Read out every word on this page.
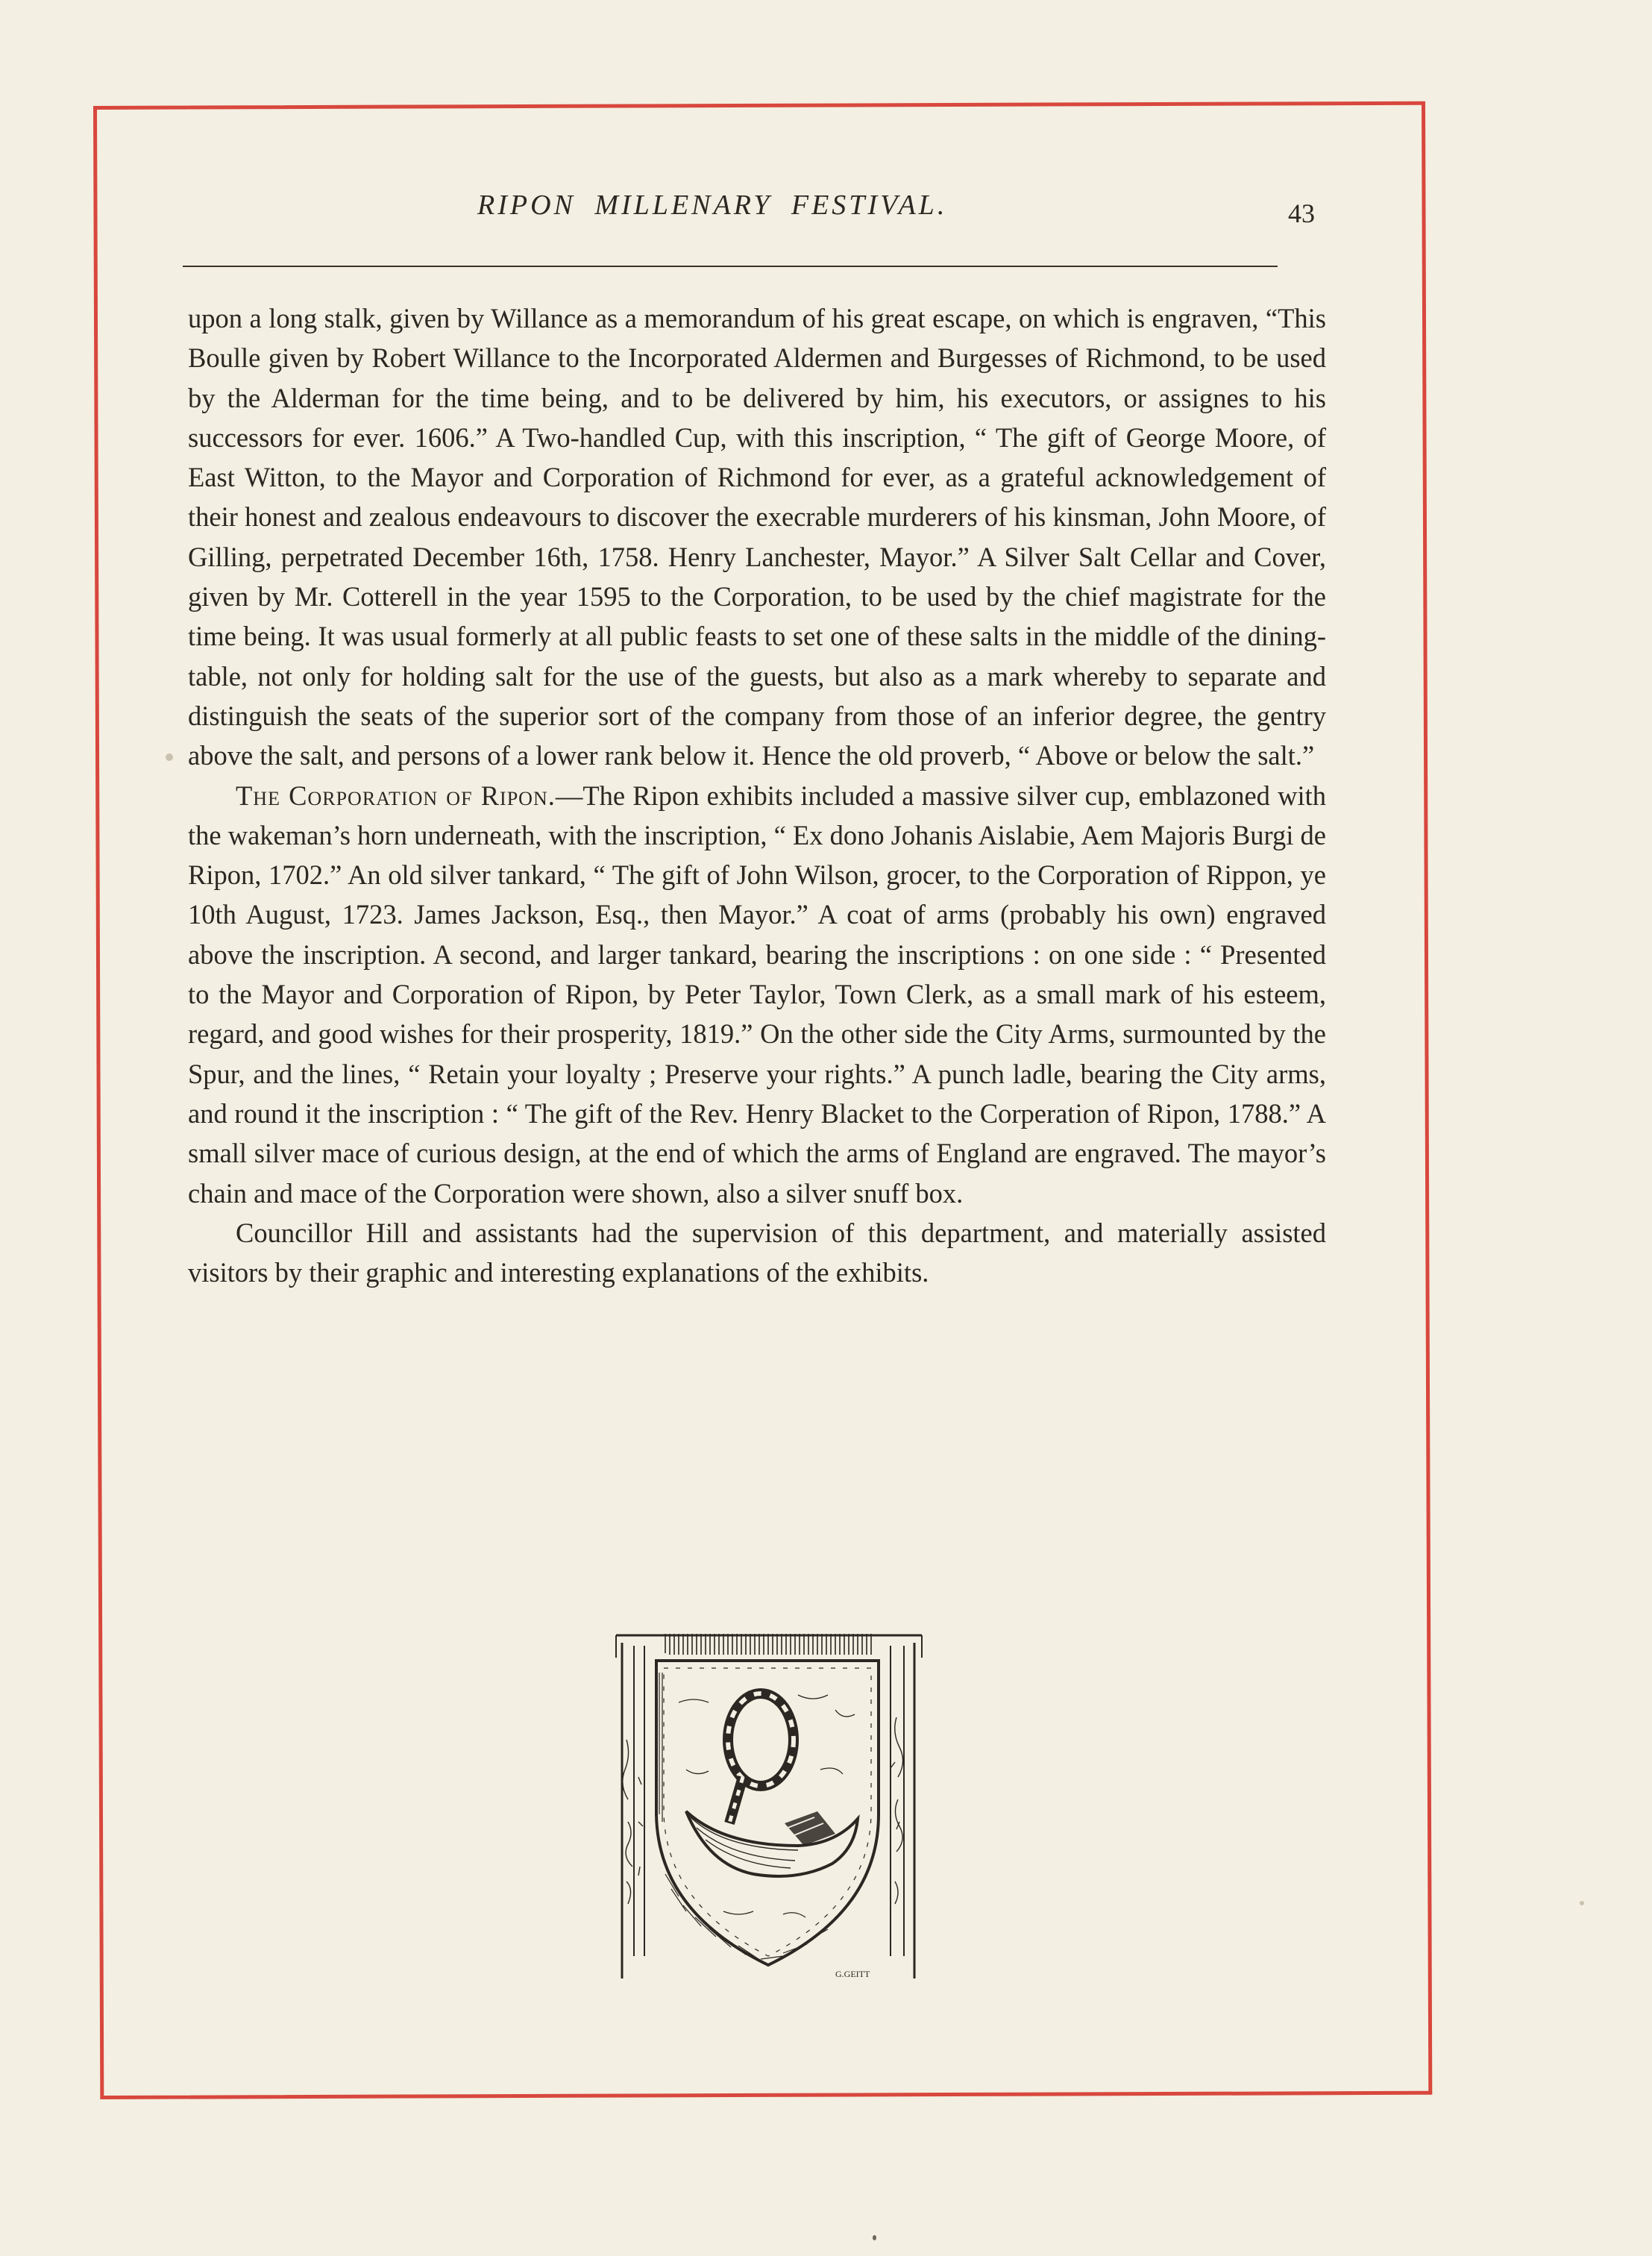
RIPON MILLENARY FESTIVAL.	43

upon a long stalk, given by Willance as a memorandum of his great escape, on which is engraven, “This Boulle given by Robert Willance to the Incorporated Aldermen and Burgesses of Richmond, to be used by the Alderman for the time being, and to be delivered by him, his executors, or assignes to his successors for ever. 1606.” A Two-handled Cup, with this inscription, “ The gift of George Moore, of East Witton, to the Mayor and Corporation of Richmond for ever, as a grateful acknowledgement of their honest and zealous endeavours to discover the execrable murderers of his kinsman, John Moore, of Gilling, perpetrated December 16th, 1758. Henry Lanchester, Mayor.” A Silver Salt Cellar and Cover, given by Mr. Cotterell in the year 1595 to the Corporation, to be used by the chief magistrate for the time being. It was usual formerly at all public feasts to set one of these salts in the middle of the dining-table, not only for holding salt for the use of the guests, but also as a mark whereby to separate and distinguish the seats of the superior sort of the company from those of an inferior degree, the gentry above the salt, and persons of a lower rank below it. Hence the old proverb, “ Above or below the salt.”

The Corporation of Ripon.—The Ripon exhibits included a massive silver cup, emblazoned with the wakeman’s horn underneath, with the inscription, “ Ex dono Johanis Aislabie, Aem Majoris Burgi de Ripon, 1702.” An old silver tankard, “ The gift of John Wilson, grocer, to the Corporation of Rippon, ye 10th August, 1723. James Jackson, Esq., then Mayor.” A coat of arms (probably his own) engraved above the inscription. A second, and larger tankard, bearing the inscriptions : on one side : “ Presented to the Mayor and Corporation of Ripon, by Peter Taylor, Town Clerk, as a small mark of his esteem, regard, and good wishes for their prosperity, 1819.” On the other side the City Arms, surmounted by the Spur, and the lines, “ Retain your loyalty ; Preserve your rights.” A punch ladle, bearing the City arms, and round it the inscription : “ The gift of the Rev. Henry Blacket to the Corperation of Ripon, 1788.” A small silver mace of curious design, at the end of which the arms of England are engraved. The mayor’s chain and mace of the Corporation were shown, also a silver snuff box.

Councillor Hill and assistants had the supervision of this department, and materially assisted visitors by their graphic and interesting explanations of the exhibits.

G.GEITT
